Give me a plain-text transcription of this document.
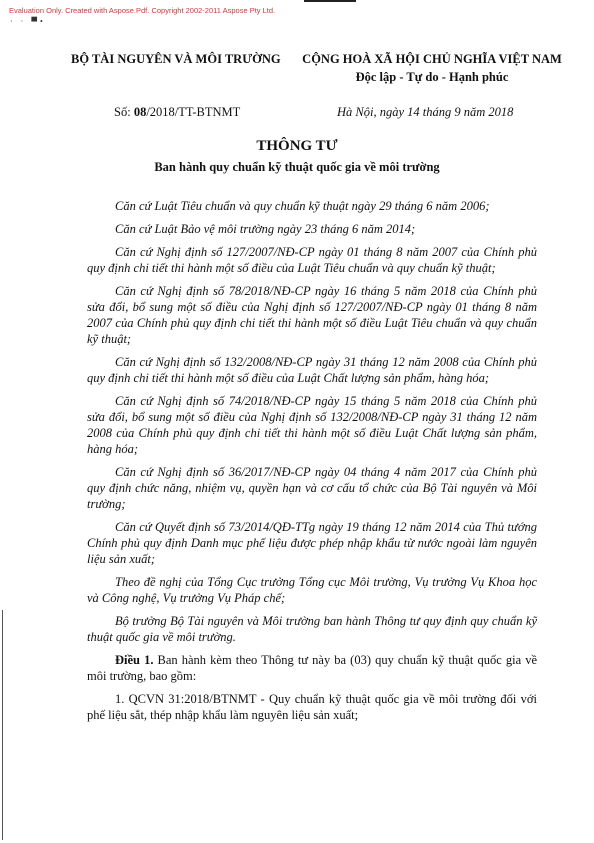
Evaluation Only. Created with Aspose.Pdf. Copyright 2002-2011 Aspose Pty Ltd.
· · ▀•
BỘ TÀI NGUYÊN VÀ MÔI TRƯỜNG	CỘNG HOÀ XÃ HỘI CHỦ NGHĨA VIỆT NAM
Độc lập - Tự do - Hạnh phúc
Số: 08/2018/TT-BTNMT	Hà Nội, ngày 14 tháng 9 năm 2018
THÔNG TƯ
Ban hành quy chuẩn kỹ thuật quốc gia về môi trường

Căn cứ Luật Tiêu chuẩn và quy chuẩn kỹ thuật ngày 29 tháng 6 năm 2006;

Căn cứ Luật Bảo vệ môi trường ngày 23 tháng 6 năm 2014;

Căn cứ Nghị định số 127/2007/NĐ-CP ngày 01 tháng 8 năm 2007 của Chính phủ quy định chi tiết thi hành một số điều của Luật Tiêu chuẩn và quy chuẩn kỹ thuật;

Căn cứ Nghị định số 78/2018/NĐ-CP ngày 16 tháng 5 năm 2018 của Chính phủ sửa đổi, bổ sung một số điều của Nghị định số 127/2007/NĐ-CP ngày 01 tháng 8 năm 2007 của Chính phủ quy định chi tiết thi hành một số điều Luật Tiêu chuẩn và quy chuẩn kỹ thuật;

Căn cứ Nghị định số 132/2008/NĐ-CP ngày 31 tháng 12 năm 2008 của Chính phủ quy định chi tiết thi hành một số điều của Luật Chất lượng sản phẩm, hàng hóa;

Căn cứ Nghị định số 74/2018/NĐ-CP ngày 15 tháng 5 năm 2018 của Chính phủ sửa đổi, bổ sung một số điều của Nghị định số 132/2008/NĐ-CP ngày 31 tháng 12 năm 2008 của Chính phủ quy định chi tiết thi hành một số điều Luật Chất lượng sản phẩm, hàng hóa;

Căn cứ Nghị định số 36/2017/NĐ-CP ngày 04 tháng 4 năm 2017 của Chính phủ quy định chức năng, nhiệm vụ, quyền hạn và cơ cấu tổ chức của Bộ Tài nguyên và Môi trường;

Căn cứ Quyết định số 73/2014/QĐ-TTg ngày 19 tháng 12 năm 2014 của Thủ tướng Chính phủ quy định Danh mục phế liệu được phép nhập khẩu từ nước ngoài làm nguyên liệu sản xuất;

Theo đề nghị của Tổng Cục trưởng Tổng cục Môi trường, Vụ trưởng Vụ Khoa học và Công nghệ, Vụ trưởng Vụ Pháp chế;

Bộ trưởng Bộ Tài nguyên và Môi trường ban hành Thông tư quy định quy chuẩn kỹ thuật quốc gia về môi trường.

Điều 1. Ban hành kèm theo Thông tư này ba (03) quy chuẩn kỹ thuật quốc gia về môi trường, bao gồm:

1. QCVN 31:2018/BTNMT - Quy chuẩn kỹ thuật quốc gia về môi trường đối với phế liệu sắt, thép nhập khẩu làm nguyên liệu sản xuất;
